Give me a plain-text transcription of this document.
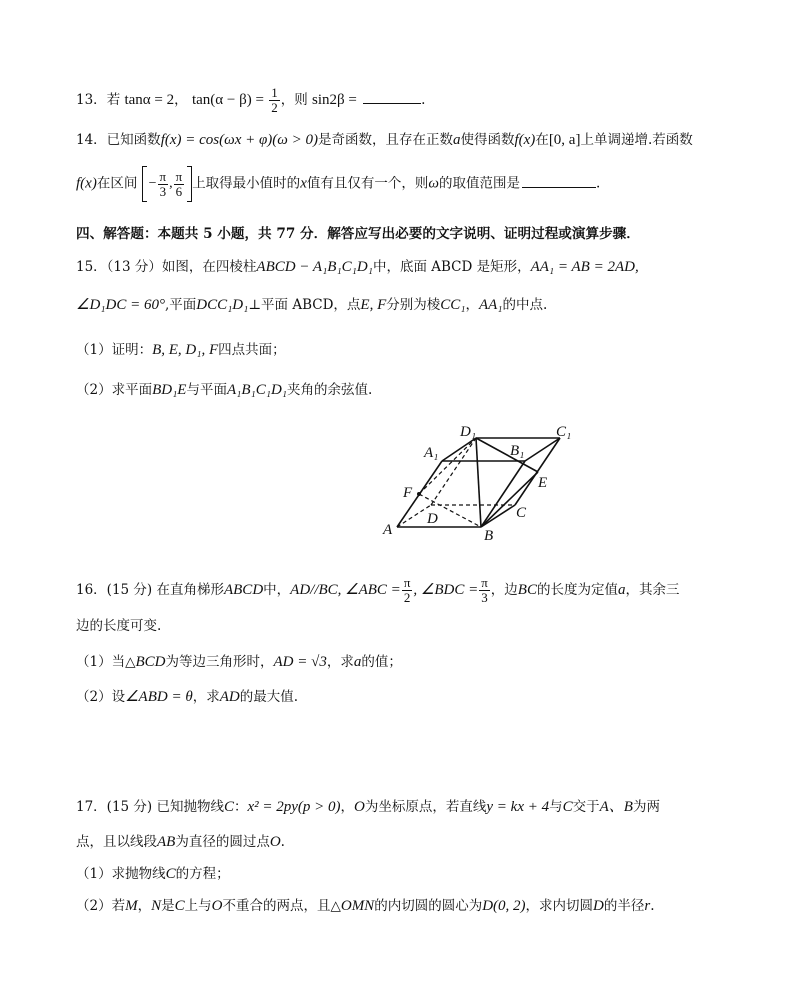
13．若 tanα = 2， $\tan(\alpha - \beta) = \frac{1}{2}$ ，则 sin2β =	.
14．已知函数f(x) = cos(ωx + φ)(ω > 0)是奇函数，且存在正数a使得函数f(x)在[0, a]上单调递增.若函数
f(x)在区间 − $\frac{\pi}{3}$ , $\frac{\pi}{6}$ 上取得最小值时的x值有且仅有一个，则ω的取值范围是	.
四、解答题：本题共 5 小题，共 77 分．解答应写出必要的文字说明、证明过程或演算步骤．
15．（13 分）如图，在四棱柱ABCD − A₁B₁C₁D₁中，底面 ABCD 是矩形，AA₁ = AB = 2AD,
∠D₁DC = 60°,平面DCC₁D₁⊥平面 ABCD，点E, F分别为棱CC₁，AA₁的中点.
（1）证明：B, E, D₁, F四点共面；
（2）求平面BD₁E与平面A₁B₁C₁D₁夹角的余弦值.
D₁
A₁	B₁
C₁
F
E
A
D
B
C
16．(15 分) 在直角梯形ABCD中，AD//BC, ∠ABC = $\frac{\pi}{2}$ , ∠BDC = $\frac{\pi}{3}$ ，边BC的长度为定值a，其余三
边的长度可变.
（1）当△BCD为等边三角形时，AD = √3，求a的值；
（2）设∠ABD = θ，求AD的最大值.
17．(15 分) 已知抛物线C：x² = 2py(p > 0)，O为坐标原点，若直线y = kx + 4与C交于A、B为两
点，且以线段AB为直径的圆过点O.
（1）求抛物线C的方程；
（2）若M，N是C上与O不重合的两点，且△OMN的内切圆的圆心为D(0, 2)，求内切圆D的半径r.
